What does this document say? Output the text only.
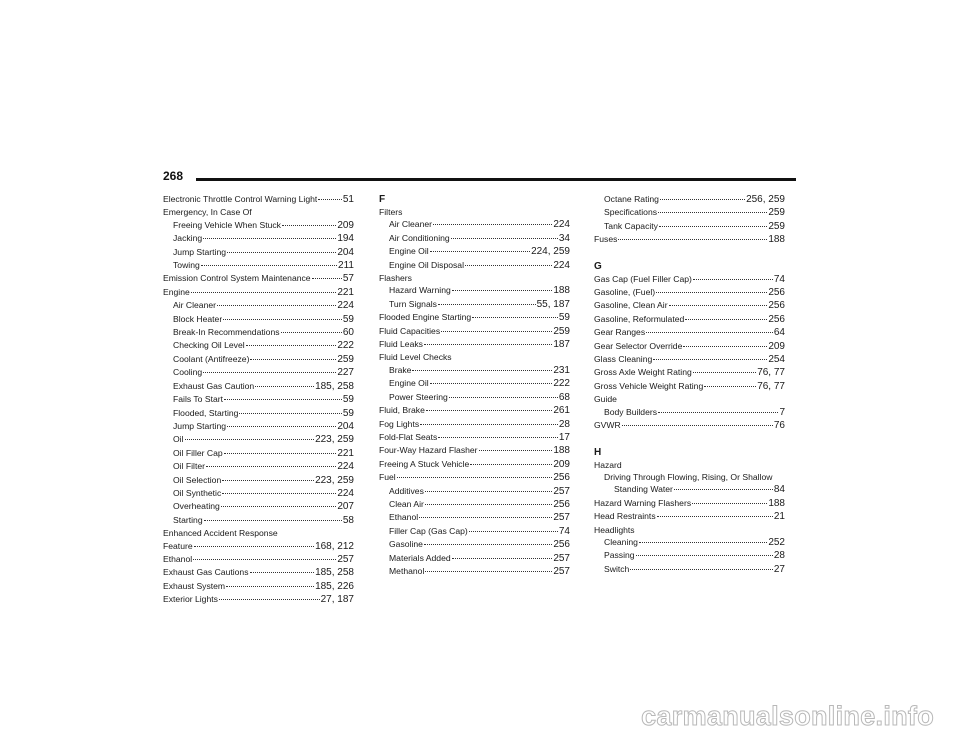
268
Electronic Throttle Control Warning Light	51
Emergency, In Case Of
Freeing Vehicle When Stuck	209
Jacking	194
Jump Starting	204
Towing	211
Emission Control System Maintenance	57
Engine	221
Air Cleaner	224
Block Heater	59
Break-In Recommendations	60
Checking Oil Level	222
Coolant (Antifreeze)	259
Cooling	227
Exhaust Gas Caution	185, 258
Fails To Start	59
Flooded, Starting	59
Jump Starting	204
Oil	223, 259
Oil Filler Cap	221
Oil Filter	224
Oil Selection	223, 259
Oil Synthetic	224
Overheating	207
Starting	58
Enhanced Accident Response
Feature	168, 212
Ethanol	257
Exhaust Gas Cautions	185, 258
Exhaust System	185, 226
Exterior Lights	27, 187
F
Filters
Air Cleaner	224
Air Conditioning	34
Engine Oil	224, 259
Engine Oil Disposal	224
Flashers
Hazard Warning	188
Turn Signals	55, 187
Flooded Engine Starting	59
Fluid Capacities	259
Fluid Leaks	187
Fluid Level Checks
Brake	231
Engine Oil	222
Power Steering	68
Fluid, Brake	261
Fog Lights	28
Fold-Flat Seats	17
Four-Way Hazard Flasher	188
Freeing A Stuck Vehicle	209
Fuel	256
Additives	257
Clean Air	256
Ethanol	257
Filler Cap (Gas Cap)	74
Gasoline	256
Materials Added	257
Methanol	257
Octane Rating	256, 259
Specifications	259
Tank Capacity	259
Fuses	188
G
Gas Cap (Fuel Filler Cap)	74
Gasoline, (Fuel)	256
Gasoline, Clean Air	256
Gasoline, Reformulated	256
Gear Ranges	64
Gear Selector Override	209
Glass Cleaning	254
Gross Axle Weight Rating	76, 77
Gross Vehicle Weight Rating	76, 77
Guide
Body Builders	7
GVWR	76
H
Hazard
Driving Through Flowing, Rising, Or Shallow
Standing Water	84
Hazard Warning Flashers	188
Head Restraints	21
Headlights
Cleaning	252
Passing	28
Switch	27
carmanualsonline.info
